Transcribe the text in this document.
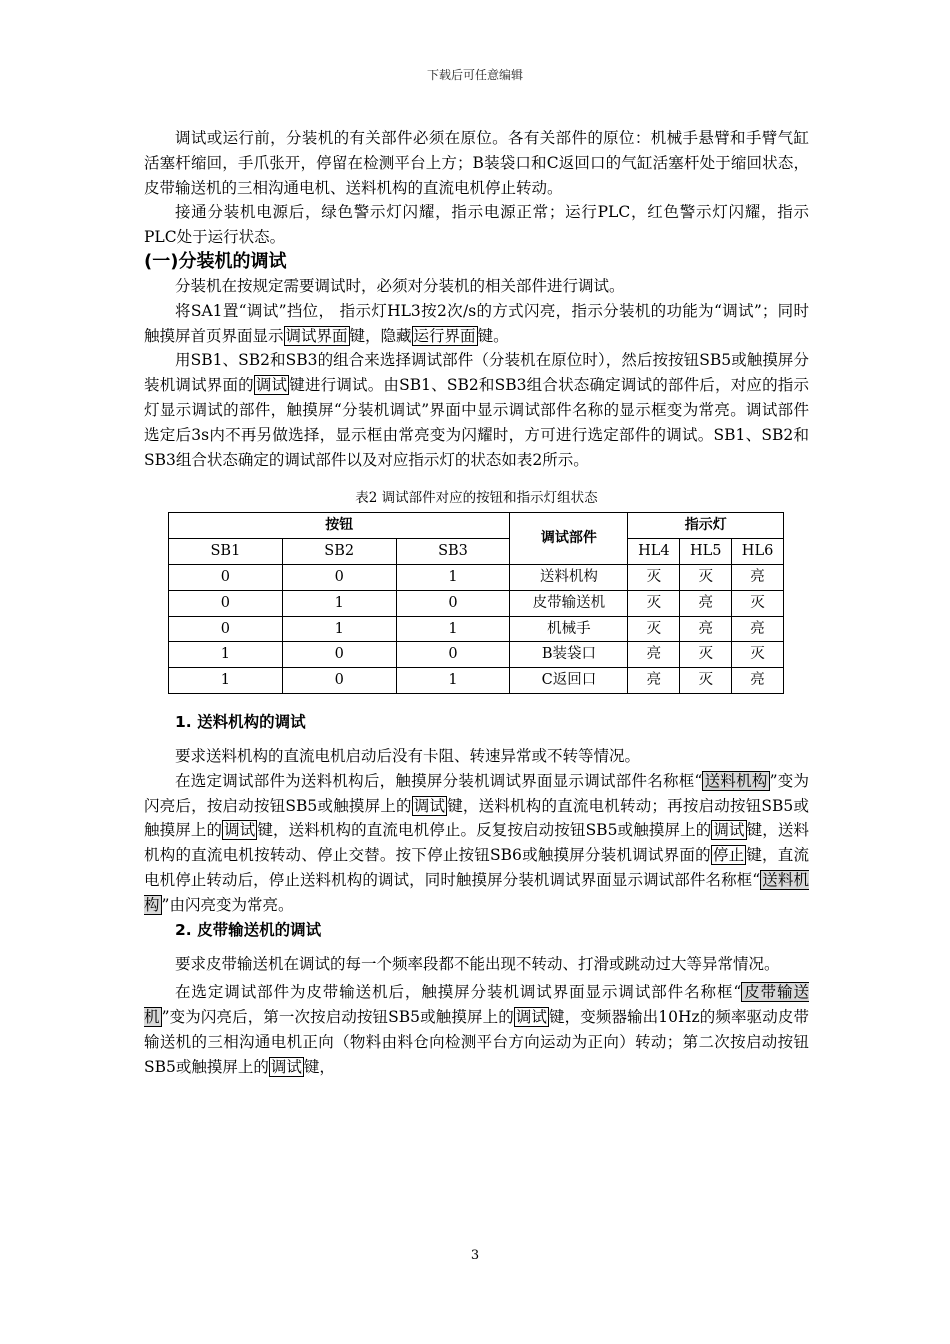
下载后可任意编辑

调试或运行前，分装机的有关部件必须在原位。各有关部件的原位：机械手悬臂和手臂气缸活塞杆缩回，手爪张开，停留在检测平台上方；B装袋口和C返回口的气缸活塞杆处于缩回状态，皮带输送机的三相沟通电机、送料机构的直流电机停止转动。

接通分装机电源后，绿色警示灯闪耀，指示电源正常；运行PLC，红色警示灯闪耀，指示PLC处于运行状态。

(一)分装机的调试

分装机在按规定需要调试时，必须对分装机的相关部件进行调试。

将SA1置“调试”挡位， 指示灯HL3按2次/s的方式闪亮，指示分装机的功能为“调试”；同时触摸屏首页界面显示 调试界面 键，隐藏 运行界面 键。

用SB1、SB2和SB3的组合来选择调试部件（分装机在原位时），然后按按钮SB5或触摸屏分装机调试界面的 调试 键进行调试。由SB1、SB2和SB3组合状态确定调试的部件后，对应的指示灯显示调试的部件，触摸屏“分装机调试”界面中显示调试部件名称的显示框变为常亮。调试部件选定后3s内不再另做选择，显示框由常亮变为闪耀时，方可进行选定部件的调试。SB1、SB2和SB3组合状态确定的调试部件以及对应指示灯的状态如表2所示。

表2 调试部件对应的按钮和指示灯组状态
按钮			调试部件	指示灯		
SB1	SB2	SB3		HL4	HL5	HL6
0	0	1	送料机构	灭	灭	亮
0	1	0	皮带输送机	灭	亮	灭
0	1	1	机械手	灭	亮	亮
1	0	0	B装袋口	亮	灭	灭
1	0	1	C返回口	亮	灭	亮
1. 送料机构的调试

要求送料机构的直流电机启动后没有卡阻、转速异常或不转等情况。

在选定调试部件为送料机构后，触摸屏分装机调试界面显示调试部件名称框“ 送料机构 ”变为闪亮后，按启动按钮SB5或触摸屏上的 调试 键，送料机构的直流电机转动；再按启动按钮SB5或触摸屏上的 调试 键，送料机构的直流电机停止。反复按启动按钮SB5或触摸屏上的 调试 键，送料机构的直流电机按转动、停止交替。按下停止按钮SB6或触摸屏分装机调试界面的 停止 键，直流电机停止转动后，停止送料机构的调试，同时触摸屏分装机调试界面显示调试部件名称框“ 送料机构 ”由闪亮变为常亮。

2. 皮带输送机的调试

要求皮带输送机在调试的每一个频率段都不能出现不转动、打滑或跳动过大等异常情况。

在选定调试部件为皮带输送机后，触摸屏分装机调试界面显示调试部件名称框“ 皮带输送机 ”变为闪亮后，第一次按启动按钮SB5或触摸屏上的 调试 键，变频器输出10Hz的频率驱动皮带输送机的三相沟通电机正向（物料由料仓向检测平台方向运动为正向）转动；第二次按启动按钮SB5或触摸屏上的 调试 键，

3
